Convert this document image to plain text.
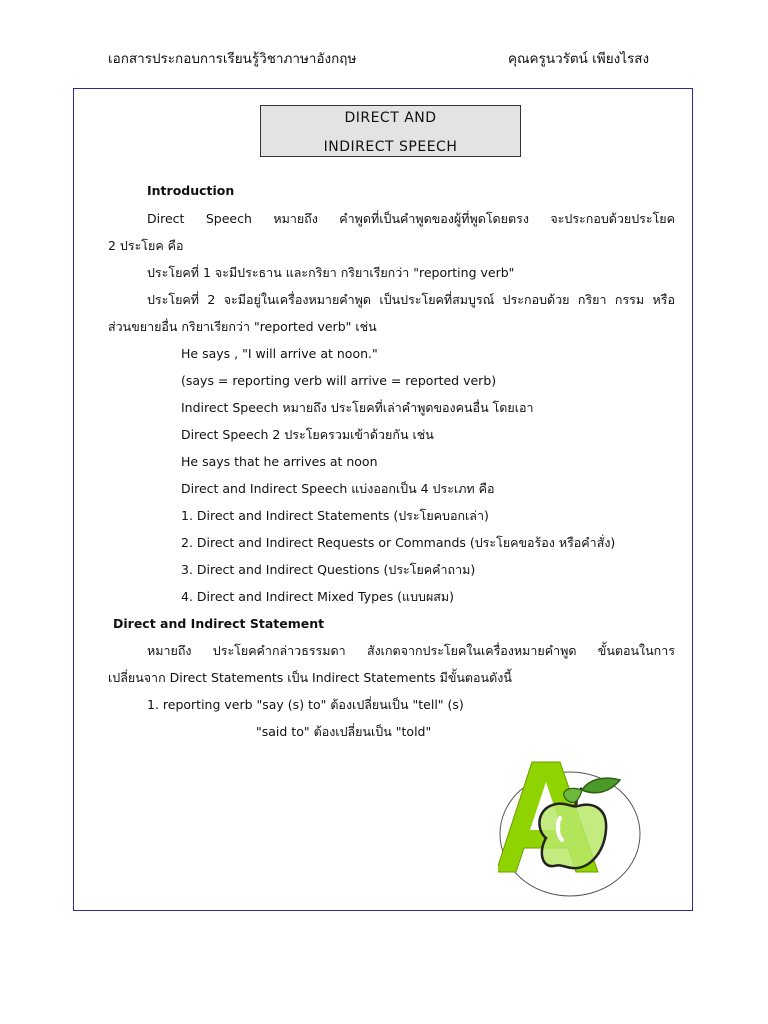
เอกสารประกอบการเรียนรู้วิชาภาษาอังกฤษ	คุณครูนวรัตน์ เพียงไรสง
DIRECT AND
INDIRECT SPEECH
Introduction
Direct Speech หมายถึง คำพูดที่เป็นคำพูดของผู้ที่พูดโดยตรง จะประกอบด้วยประโยค
2 ประโยค คือ
ประโยคที่ 1 จะมีประธาน และกริยา กริยาเรียกว่า "reporting verb"
ประโยคที่ 2 จะมีอยู่ในเครื่องหมายคำพูด เป็นประโยคที่สมบูรณ์ ประกอบด้วย กริยา กรรม หรือ
ส่วนขยายอื่น กริยาเรียกว่า "reported verb" เช่น
He says , "I will arrive at noon."
(says = reporting verb will arrive = reported verb)
Indirect Speech หมายถึง ประโยคที่เล่าคำพูดของคนอื่น โดยเอา
Direct Speech 2 ประโยครวมเข้าด้วยกัน เช่น
He says that he arrives at noon
Direct and Indirect Speech แบ่งออกเป็น 4 ประเภท คือ
1. Direct and Indirect Statements (ประโยคบอกเล่า)
2. Direct and Indirect Requests or Commands (ประโยคขอร้อง หรือคำสั่ง)
3. Direct and Indirect Questions (ประโยคคำถาม)
4. Direct and Indirect Mixed Types (แบบผสม)
Direct and Indirect Statement
หมายถึง ประโยคคำกล่าวธรรมดา สังเกตจากประโยคในเครื่องหมายคำพูด ขั้นตอนในการ
เปลี่ยนจาก Direct Statements เป็น Indirect Statements มีขั้นตอนดังนี้
1. reporting verb "say (s) to" ต้องเปลี่ยนเป็น "tell" (s)
"said to" ต้องเปลี่ยนเป็น "told"
